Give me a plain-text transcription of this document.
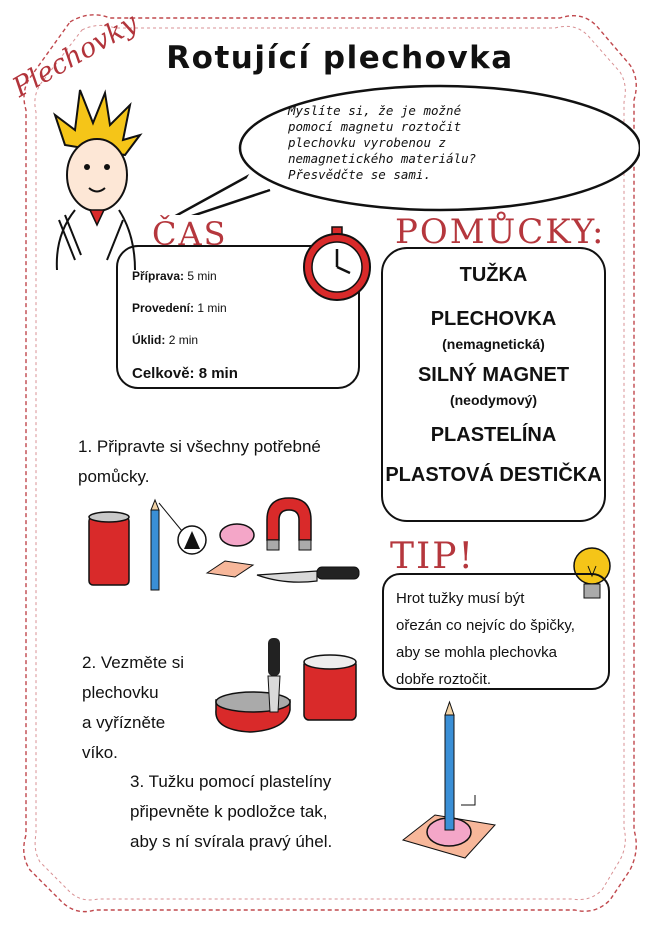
Plechovky Rotující plechovka
Myslíte si, že je možné pomocí magnetu roztočit plechovku vyrobenou z nemagnetického materiálu? Přesvědčte se sami.
ČAS
Příprava: 5 min
Provedení: 1 min
Úklid: 2 min
Celkově: 8 min
POMŮCKY:
TUŽKA
PLECHOVKA
(nemagnetická)
SILNÝ MAGNET
(neodymový)
PLASTELÍNA
PLASTOVÁ DESTIČKA
1. Připravte si všechny potřebné
pomůcky.
TIP!
Hrot tužky musí být
ořezán co nejvíc do špičky,
aby se mohla plechovka
dobře roztočit.
2. Vezměte si
plechovku
a vyřízněte
víko.
3. Tužku pomocí plastelíny
připevněte k podložce tak,
aby s ní svírala pravý úhel.
